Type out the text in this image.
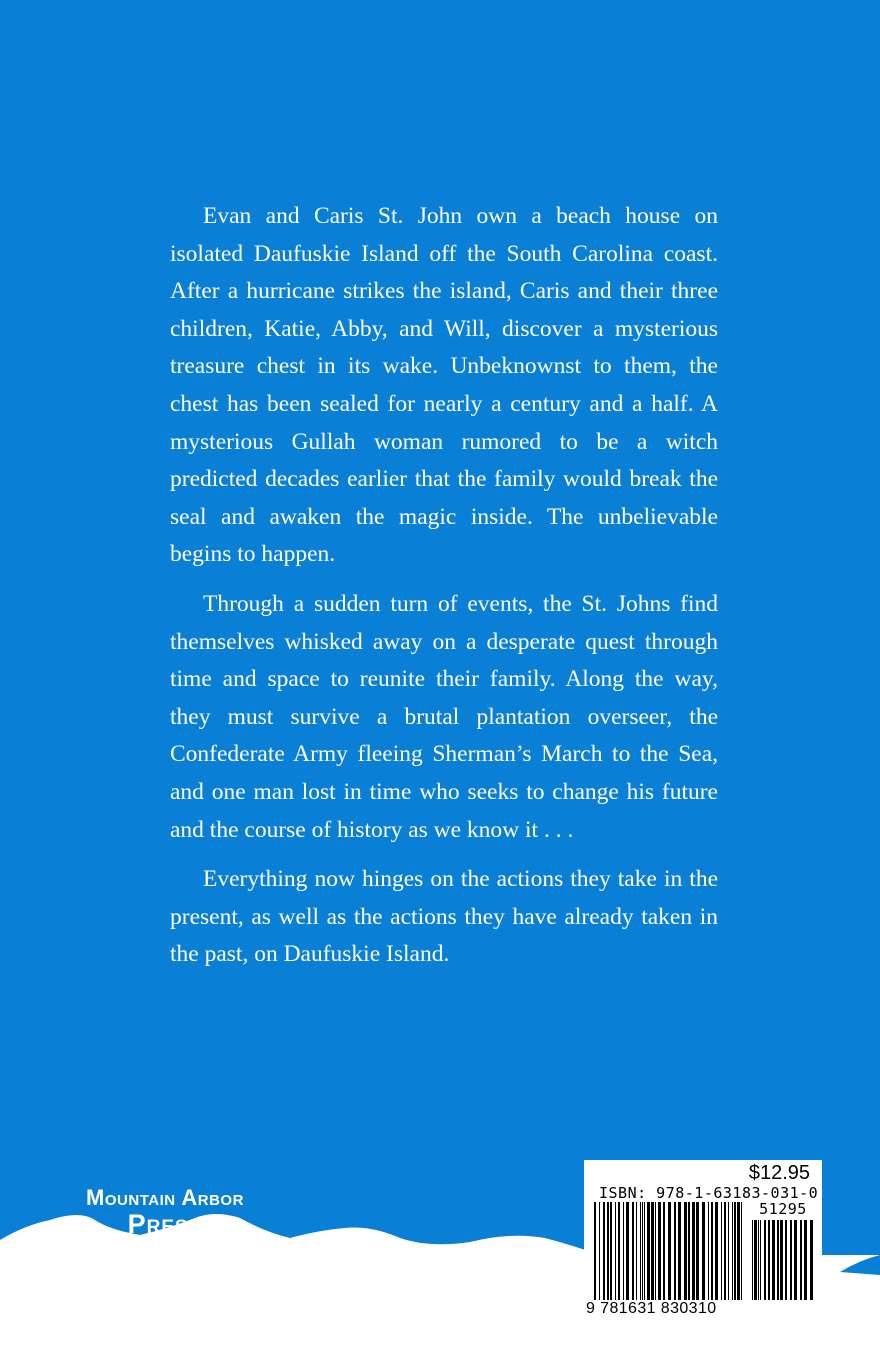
Evan and Caris St. John own a beach house on isolated Daufuskie Island off the South Carolina coast. After a hurricane strikes the island, Caris and their three children, Katie, Abby, and Will, discover a mysterious treasure chest in its wake. Unbeknownst to them, the chest has been sealed for nearly a century and a half. A mysterious Gullah woman rumored to be a witch predicted decades earlier that the family would break the seal and awaken the magic inside. The unbelievable begins to happen.

Through a sudden turn of events, the St. Johns find themselves whisked away on a desperate quest through time and space to reunite their family. Along the way, they must survive a brutal plantation overseer, the Confederate Army fleeing Sherman’s March to the Sea, and one man lost in time who seeks to change his future and the course of history as we know it . . .

Everything now hinges on the actions they take in the present, as well as the actions they have already taken in the past, on Daufuskie Island.

Mountain Arbor
Press
$12.95
ISBN: 978-1-63183-031-0
51295
9 781631 830310
